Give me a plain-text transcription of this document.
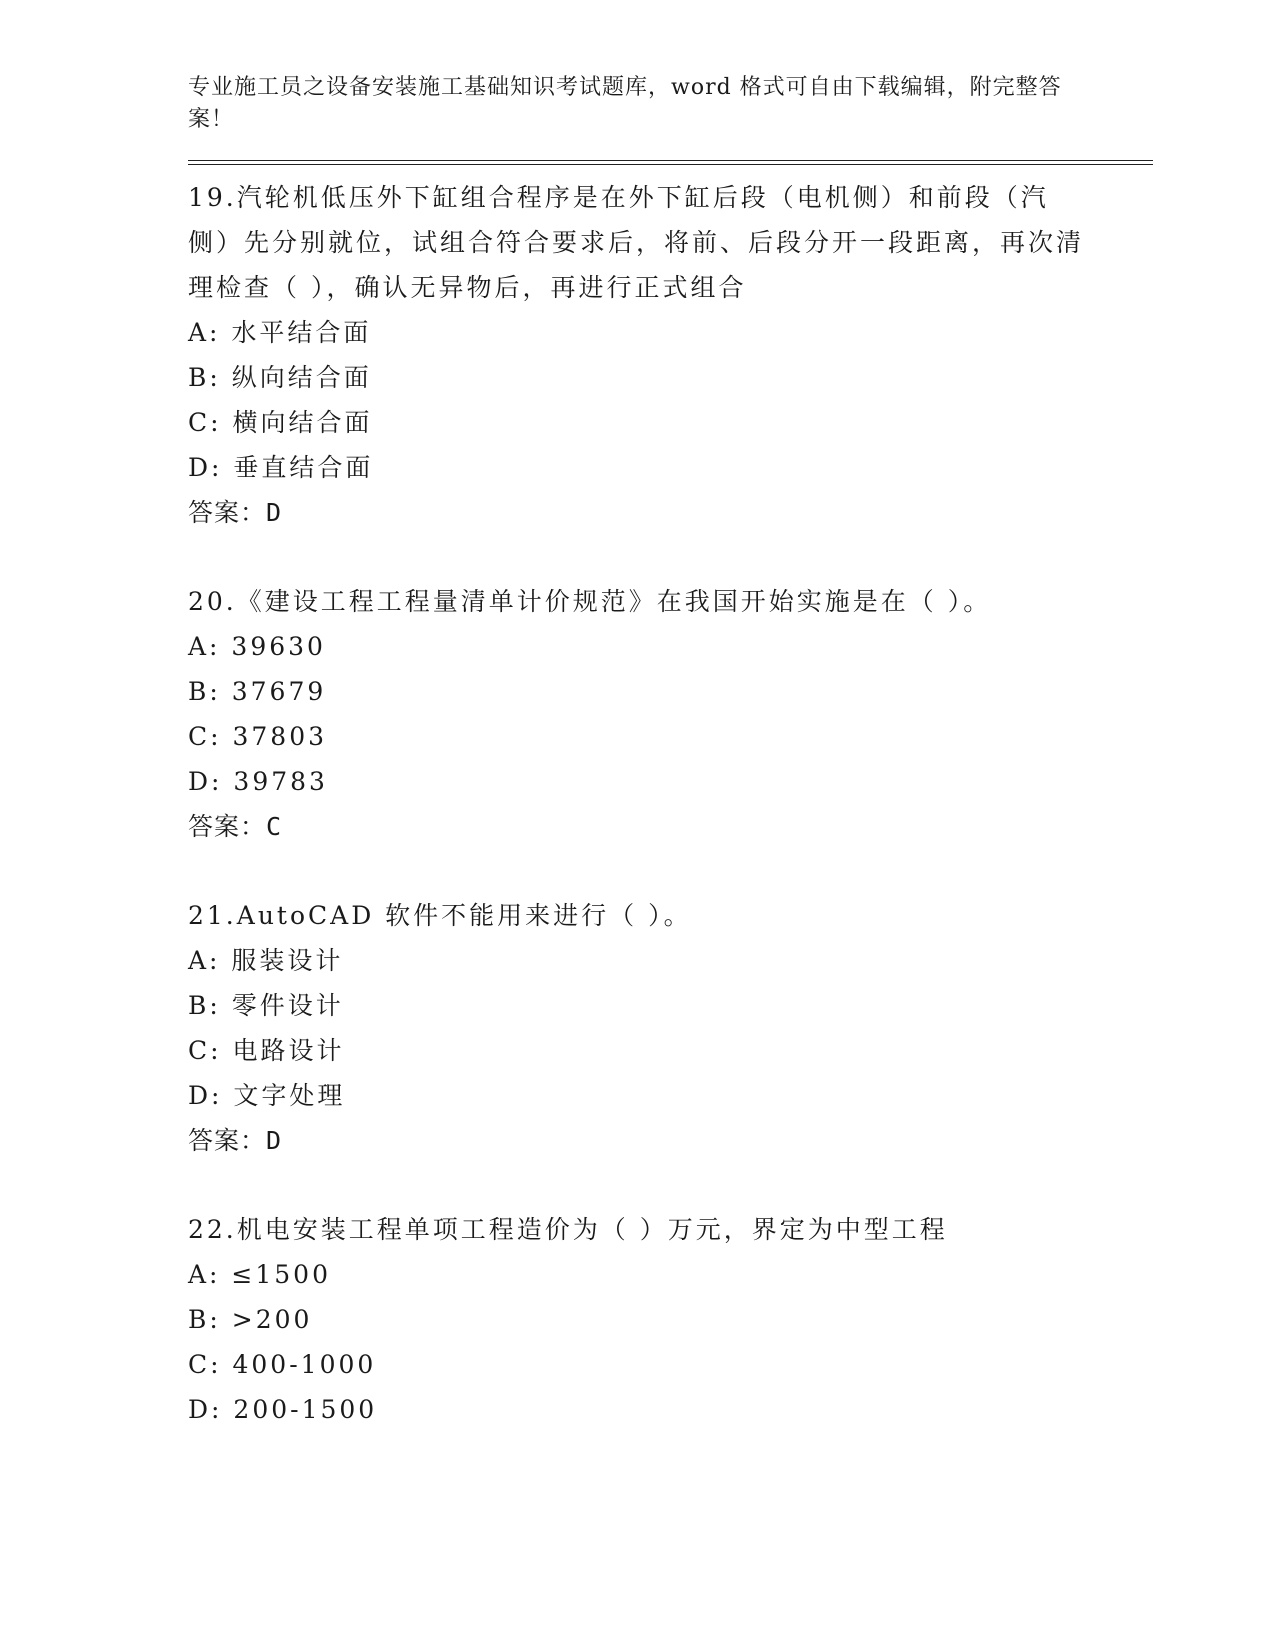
专业施工员之设备安装施工基础知识考试题库，word 格式可自由下载编辑，附完整答案！

19.汽轮机低压外下缸组合程序是在外下缸后段（电机侧）和前段（汽侧）先分别就位，试组合符合要求后，将前、后段分开一段距离，再次清理检查（ ），确认无异物后，再进行正式组合

A: 水平结合面

B: 纵向结合面

C: 横向结合面

D: 垂直结合面

答案：D

20.《建设工程工程量清单计价规范》在我国开始实施是在（ ）。

A: 39630

B: 37679

C: 37803

D: 39783

答案：C

21.AutoCAD 软件不能用来进行（ ）。

A: 服装设计

B: 零件设计

C: 电路设计

D: 文字处理

答案：D

22.机电安装工程单项工程造价为（ ）万元，界定为中型工程

A: ≤1500

B: >200

C: 400-1000

D: 200-1500
